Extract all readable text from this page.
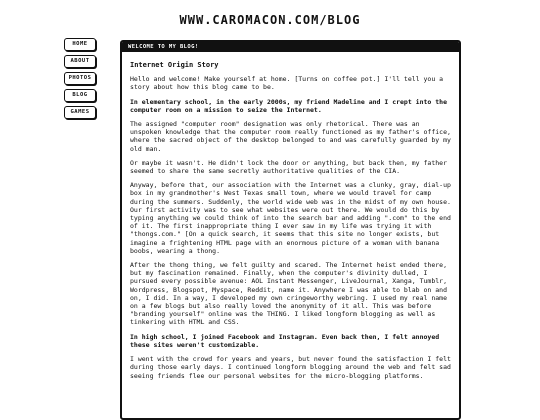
WWW.CAROMACON.COM/BLOG
HOME
ABOUT
PHOTOS
BLOG
GAMES
WELCOME TO MY BLOG!
Internet Origin Story

Hello and welcome! Make yourself at home. [Turns on coffee pot.] I'll tell you a story about how this blog came to be.

In elementary school, in the early 2000s, my friend Madeline and I crept into the computer room on a mission to seize the Internet.

The assigned "computer room" designation was only rhetorical. There was an unspoken knowledge that the computer room really functioned as my father's office, where the sacred object of the desktop belonged to and was carefully guarded by my old man.

Or maybe it wasn't. He didn't lock the door or anything, but back then, my father seemed to share the same secretly authoritative qualities of the CIA.

Anyway, before that, our association with the Internet was a clunky, gray, dial-up box in my grandmother's West Texas small town, where we would travel for camp during the summers. Suddenly, the world wide web was in the midst of my own house. Our first activity was to see what websites were out there. We would do this by typing anything we could think of into the search bar and adding ".com" to the end of it. The first inappropriate thing I ever saw in my life was trying it with "thongs.com." [On a quick search, it seems that this site no longer exists, but imagine a frightening HTML page with an enormous picture of a woman with banana boobs, wearing a thong.

After the thong thing, we felt guilty and scared. The Internet heist ended there, but my fascination remained. Finally, when the computer's divinity dulled, I pursued every possible avenue: AOL Instant Messenger, LiveJournal, Xanga, Tumblr, Wordpress, Blogspot, Myspace, Reddit, name it. Anywhere I was able to blab on and on, I did. In a way, I developed my own cringeworthy webring. I used my real name on a few blogs but also really loved the anonymity of it all. This was before "branding yourself" online was the THING. I liked longform blogging as well as tinkering with HTML and CSS.

In high school, I joined Facebook and Instagram. Even back then, I felt annoyed these sites weren't customizable.

I went with the crowd for years and years, but never found the satisfaction I felt during those early days. I continued longform blogging around the web and felt sad seeing friends flee our personal websites for the micro-blogging platforms.
